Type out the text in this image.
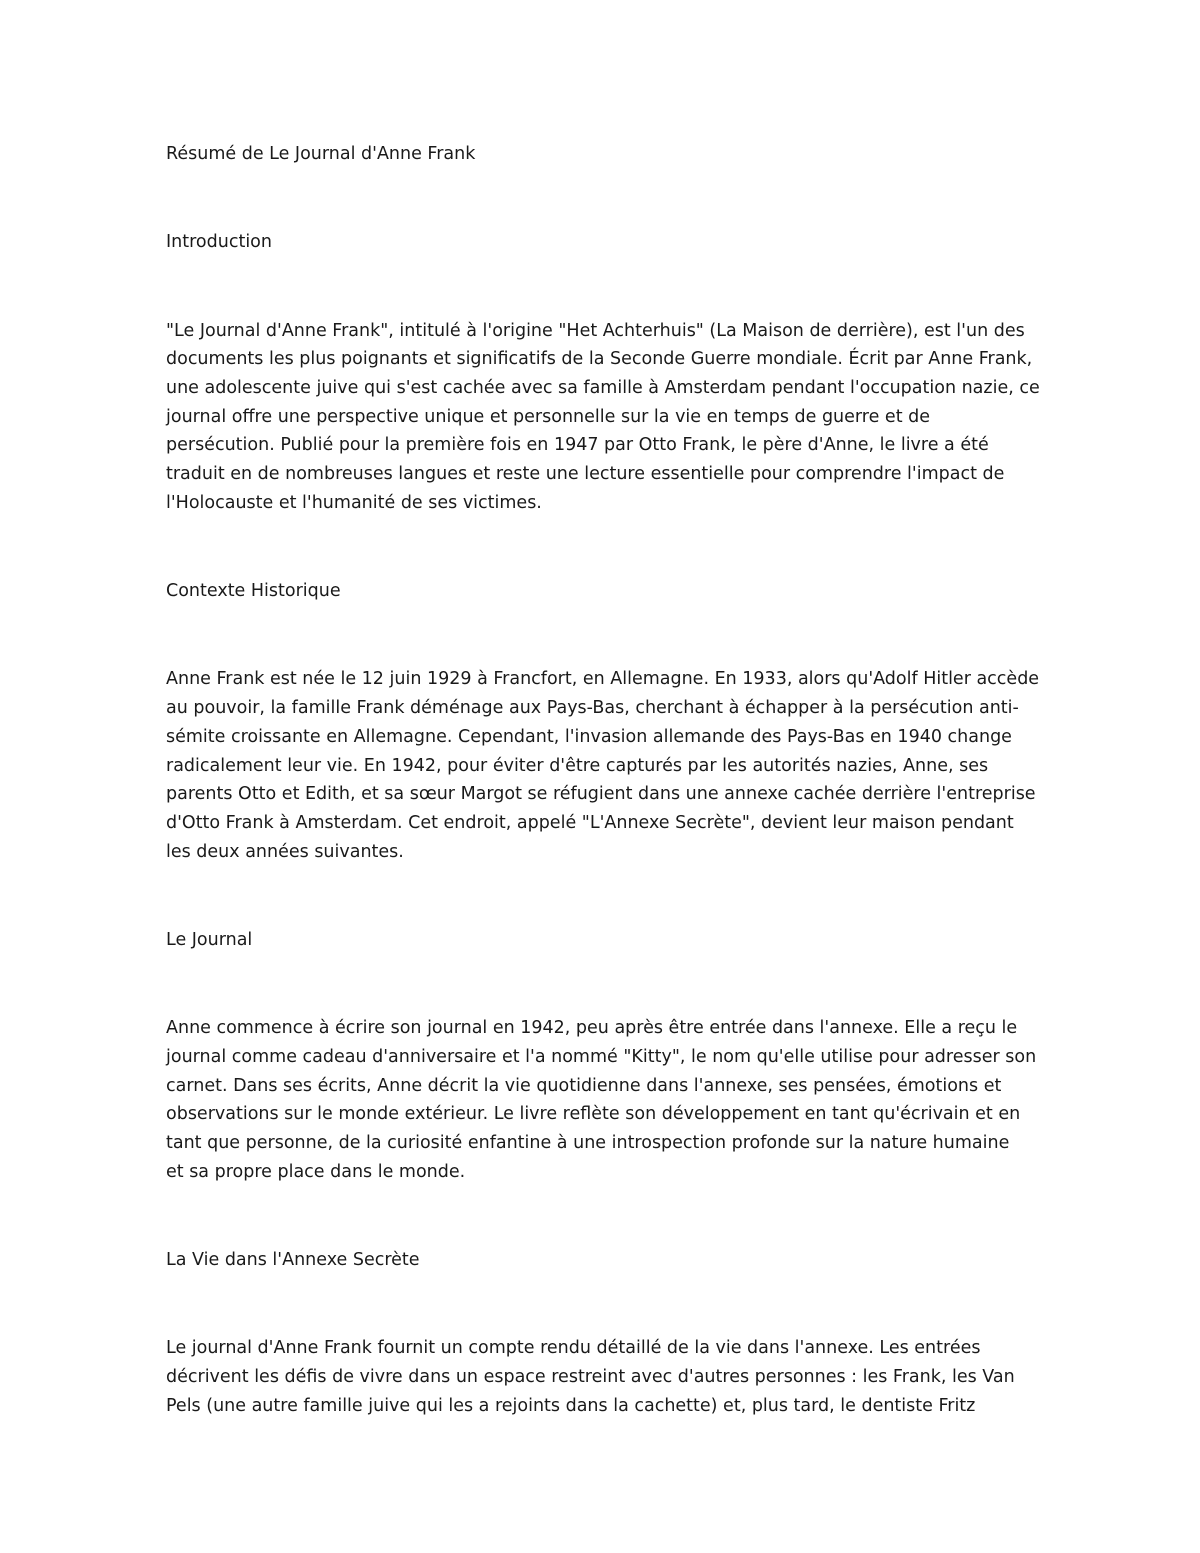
Résumé de Le Journal d'Anne Frank

Introduction

"Le Journal d'Anne Frank", intitulé à l'origine "Het Achterhuis" (La Maison de derrière), est l'un des

documents les plus poignants et significatifs de la Seconde Guerre mondiale. Écrit par Anne Frank,

une adolescente juive qui s'est cachée avec sa famille à Amsterdam pendant l'occupation nazie, ce

journal offre une perspective unique et personnelle sur la vie en temps de guerre et de

persécution. Publié pour la première fois en 1947 par Otto Frank, le père d'Anne, le livre a été

traduit en de nombreuses langues et reste une lecture essentielle pour comprendre l'impact de

l'Holocauste et l'humanité de ses victimes.

Contexte Historique

Anne Frank est née le 12 juin 1929 à Francfort, en Allemagne. En 1933, alors qu'Adolf Hitler accède

au pouvoir, la famille Frank déménage aux Pays-Bas, cherchant à échapper à la persécution anti-

sémite croissante en Allemagne. Cependant, l'invasion allemande des Pays-Bas en 1940 change

radicalement leur vie. En 1942, pour éviter d'être capturés par les autorités nazies, Anne, ses

parents Otto et Edith, et sa sœur Margot se réfugient dans une annexe cachée derrière l'entreprise

d'Otto Frank à Amsterdam. Cet endroit, appelé "L'Annexe Secrète", devient leur maison pendant

les deux années suivantes.

Le Journal

Anne commence à écrire son journal en 1942, peu après être entrée dans l'annexe. Elle a reçu le

journal comme cadeau d'anniversaire et l'a nommé "Kitty", le nom qu'elle utilise pour adresser son

carnet. Dans ses écrits, Anne décrit la vie quotidienne dans l'annexe, ses pensées, émotions et

observations sur le monde extérieur. Le livre reflète son développement en tant qu'écrivain et en

tant que personne, de la curiosité enfantine à une introspection profonde sur la nature humaine

et sa propre place dans le monde.

La Vie dans l'Annexe Secrète

Le journal d'Anne Frank fournit un compte rendu détaillé de la vie dans l'annexe. Les entrées

décrivent les défis de vivre dans un espace restreint avec d'autres personnes : les Frank, les Van

Pels (une autre famille juive qui les a rejoints dans la cachette) et, plus tard, le dentiste Fritz
